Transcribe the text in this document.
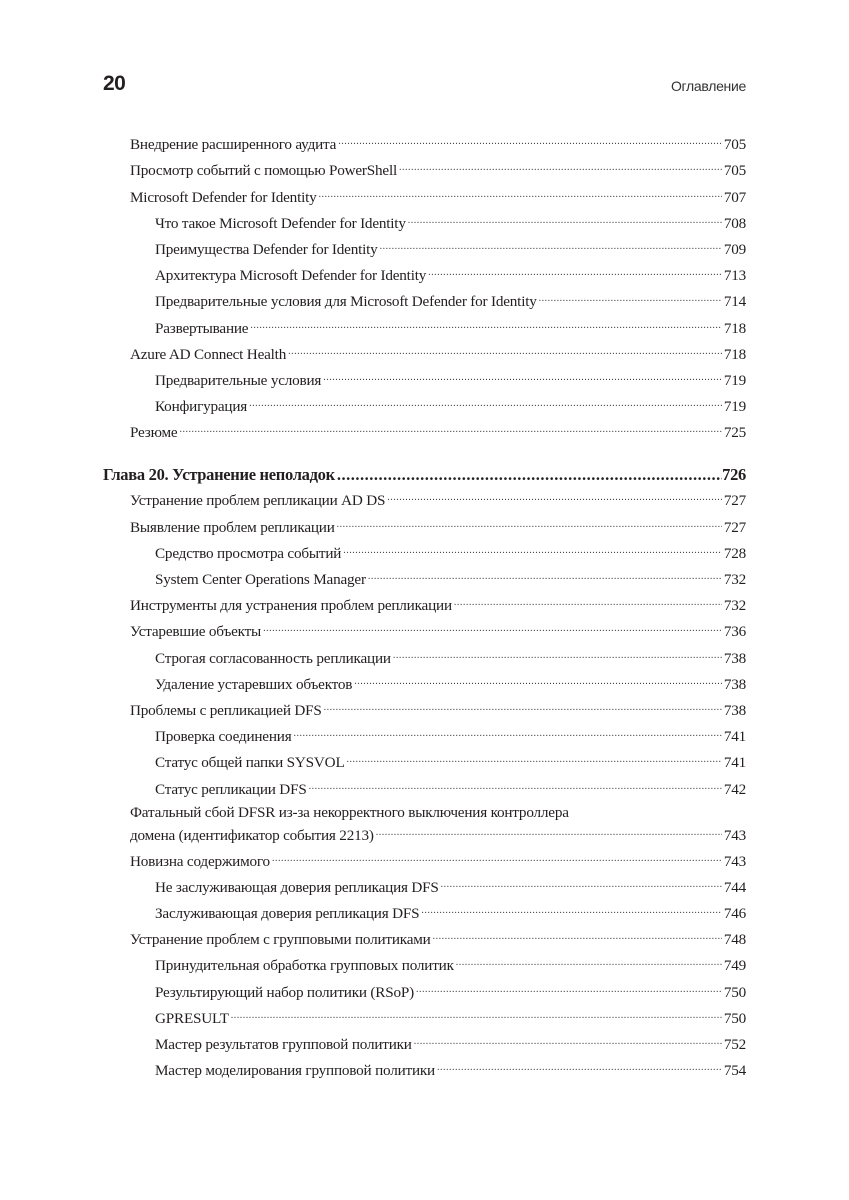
20	Оглавление
Внедрение расширенного аудита .....	705
Просмотр событий с помощью PowerShell .....	705
Microsoft Defender for Identity .....	707
Что такое Microsoft Defender for Identity .....	708
Преимущества Defender for Identity .....	709
Архитектура Microsoft Defender for Identity .....	713
Предварительные условия для Microsoft Defender for Identity .....	714
Развертывание .....	718
Azure AD Connect Health .....	718
Предварительные условия .....	719
Конфигурация .....	719
Резюме .....	725
Глава 20. Устранение неполадок .....	726
Устранение проблем репликации AD DS .....	727
Выявление проблем репликации .....	727
Средство просмотра событий .....	728
System Center Operations Manager .....	732
Инструменты для устранения проблем репликации .....	732
Устаревшие объекты .....	736
Строгая согласованность репликации .....	738
Удаление устаревших объектов .....	738
Проблемы с репликацией DFS .....	738
Проверка соединения .....	741
Статус общей папки SYSVOL .....	741
Статус репликации DFS .....	742
Фатальный сбой DFSR из-за некорректного выключения контроллера
домена (идентификатор события 2213) .....	743
Новизна содержимого .....	743
Не заслуживающая доверия репликация DFS .....	744
Заслуживающая доверия репликация DFS .....	746
Устранение проблем с групповыми политиками .....	748
Принудительная обработка групповых политик .....	749
Результирующий набор политики (RSoP) .....	750
GPRESULT .....	750
Мастер результатов групповой политики .....	752
Мастер моделирования групповой политики .....	754
